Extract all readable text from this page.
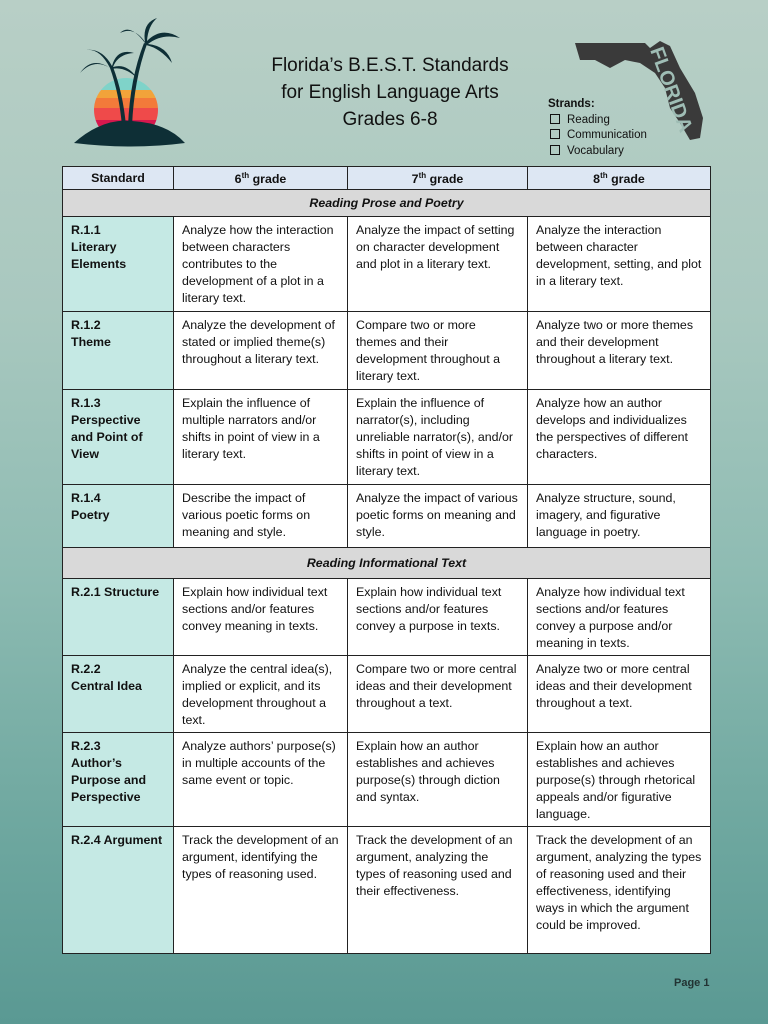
Florida’s B.E.S.T. Standards
for English Language Arts
Grades 6-8	FLORIDA
Strands:
Reading
Communication
Vocabulary
Standard	6th grade	7th grade	8th grade
Reading Prose and Poetry			
R.1.1
Literary
Elements	Analyze how the interaction between characters contributes to the development of a plot in a literary text.	Analyze the impact of setting on character development and plot in a literary text.	Analyze the interaction between character development, setting, and plot in a literary text.
R.1.2
Theme	Analyze the development of stated or implied theme(s) throughout a literary text.	Compare two or more themes and their development throughout a literary text.	Analyze two or more themes and their development throughout a literary text.
R.1.3
Perspective and Point of View	Explain the influence of multiple narrators and/or shifts in point of view in a literary text.	Explain the influence of narrator(s), including unreliable narrator(s), and/or shifts in point of view in a literary text.	Analyze how an author develops and individualizes the perspectives of different characters.
R.1.4
Poetry	Describe the impact of various poetic forms on meaning and style.	Analyze the impact of various poetic forms on meaning and style.	Analyze structure, sound, imagery, and figurative language in poetry.
Reading Informational Text			
R.2.1 Structure	Explain how individual text sections and/or features convey meaning in texts.	Explain how individual text sections and/or features convey a purpose in texts.	Analyze how individual text sections and/or features convey a purpose and/or meaning in texts.
R.2.2
Central Idea	Analyze the central idea(s), implied or explicit, and its development throughout a text.	Compare two or more central ideas and their development throughout a text.	Analyze two or more central ideas and their development throughout a text.
R.2.3
Author’s
Purpose and
Perspective	Analyze authors’ purpose(s) in multiple accounts of the same event or topic.	Explain how an author establishes and achieves purpose(s) through diction and syntax.	Explain how an author establishes and achieves purpose(s) through rhetorical appeals and/or figurative language.
R.2.4 Argument	Track the development of an argument, identifying the types of reasoning used.	Track the development of an argument, analyzing the types of reasoning used and their effectiveness.	Track the development of an argument, analyzing the types of reasoning used and their effectiveness, identifying ways in which the argument could be improved.
Page 1
